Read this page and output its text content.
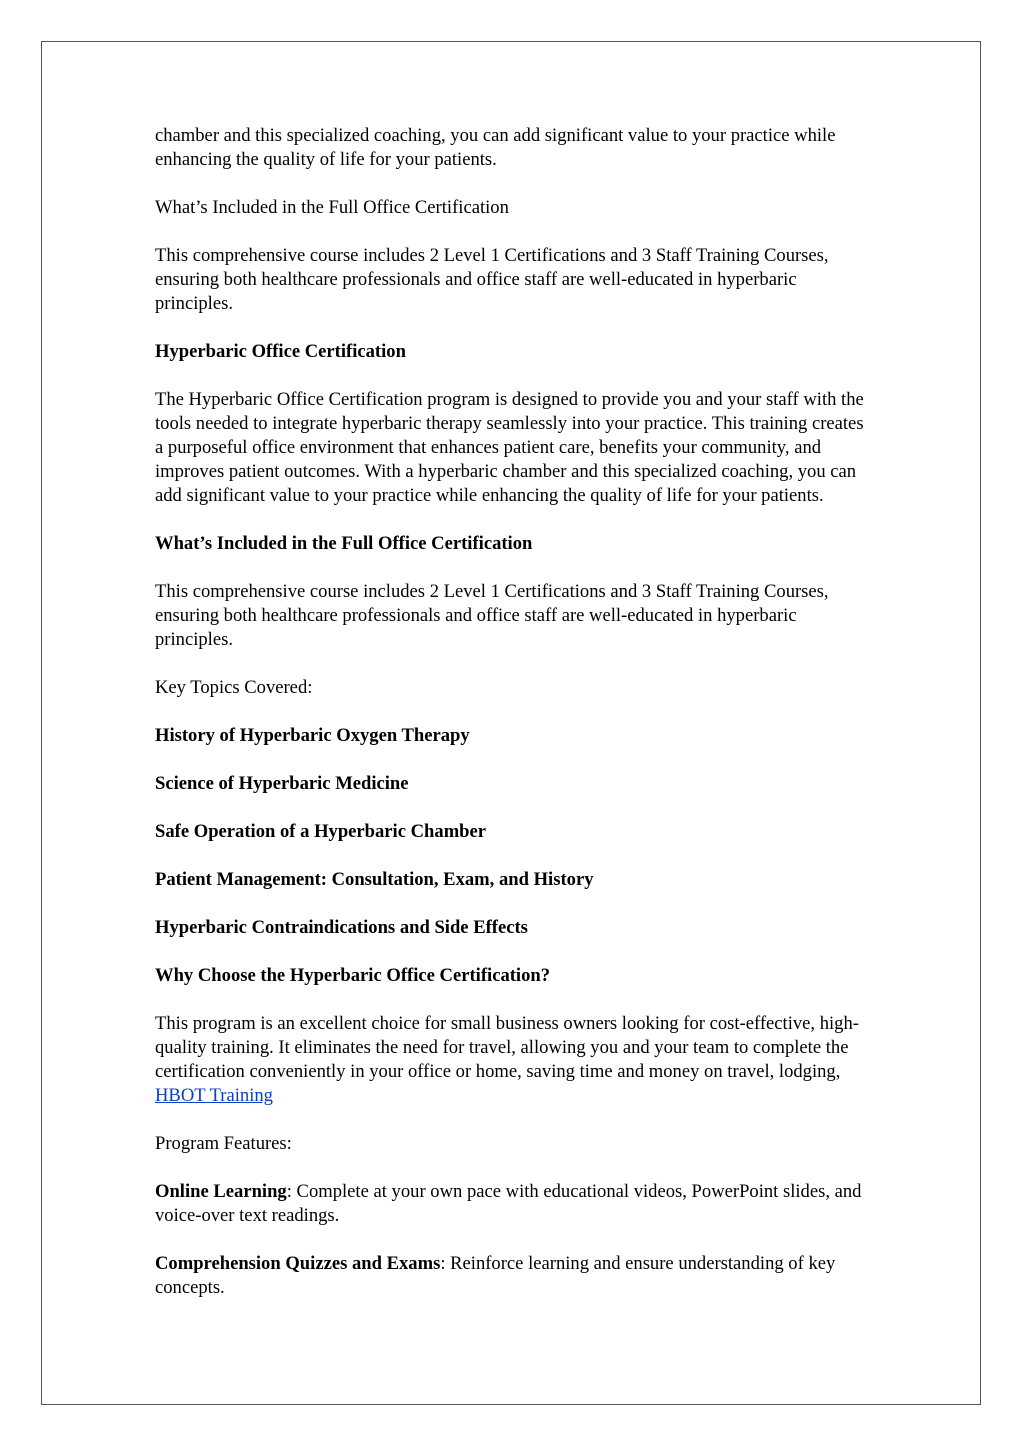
chamber and this specialized coaching, you can add significant value to your practice while enhancing the quality of life for your patients.

What’s Included in the Full Office Certification

This comprehensive course includes 2 Level 1 Certifications and 3 Staff Training Courses, ensuring both healthcare professionals and office staff are well-educated in hyperbaric principles.

Hyperbaric Office Certification

The Hyperbaric Office Certification program is designed to provide you and your staff with the tools needed to integrate hyperbaric therapy seamlessly into your practice. This training creates a purposeful office environment that enhances patient care, benefits your community, and improves patient outcomes. With a hyperbaric chamber and this specialized coaching, you can add significant value to your practice while enhancing the quality of life for your patients.

What’s Included in the Full Office Certification

This comprehensive course includes 2 Level 1 Certifications and 3 Staff Training Courses, ensuring both healthcare professionals and office staff are well-educated in hyperbaric principles.

Key Topics Covered:

History of Hyperbaric Oxygen Therapy

Science of Hyperbaric Medicine

Safe Operation of a Hyperbaric Chamber

Patient Management: Consultation, Exam, and History

Hyperbaric Contraindications and Side Effects

Why Choose the Hyperbaric Office Certification?

This program is an excellent choice for small business owners looking for cost-effective, high-quality training. It eliminates the need for travel, allowing you and your team to complete the certification conveniently in your office or home, saving time and money on travel, lodging, HBOT Training

Program Features:

Online Learning: Complete at your own pace with educational videos, PowerPoint slides, and voice-over text readings.

Comprehension Quizzes and Exams: Reinforce learning and ensure understanding of key concepts.
